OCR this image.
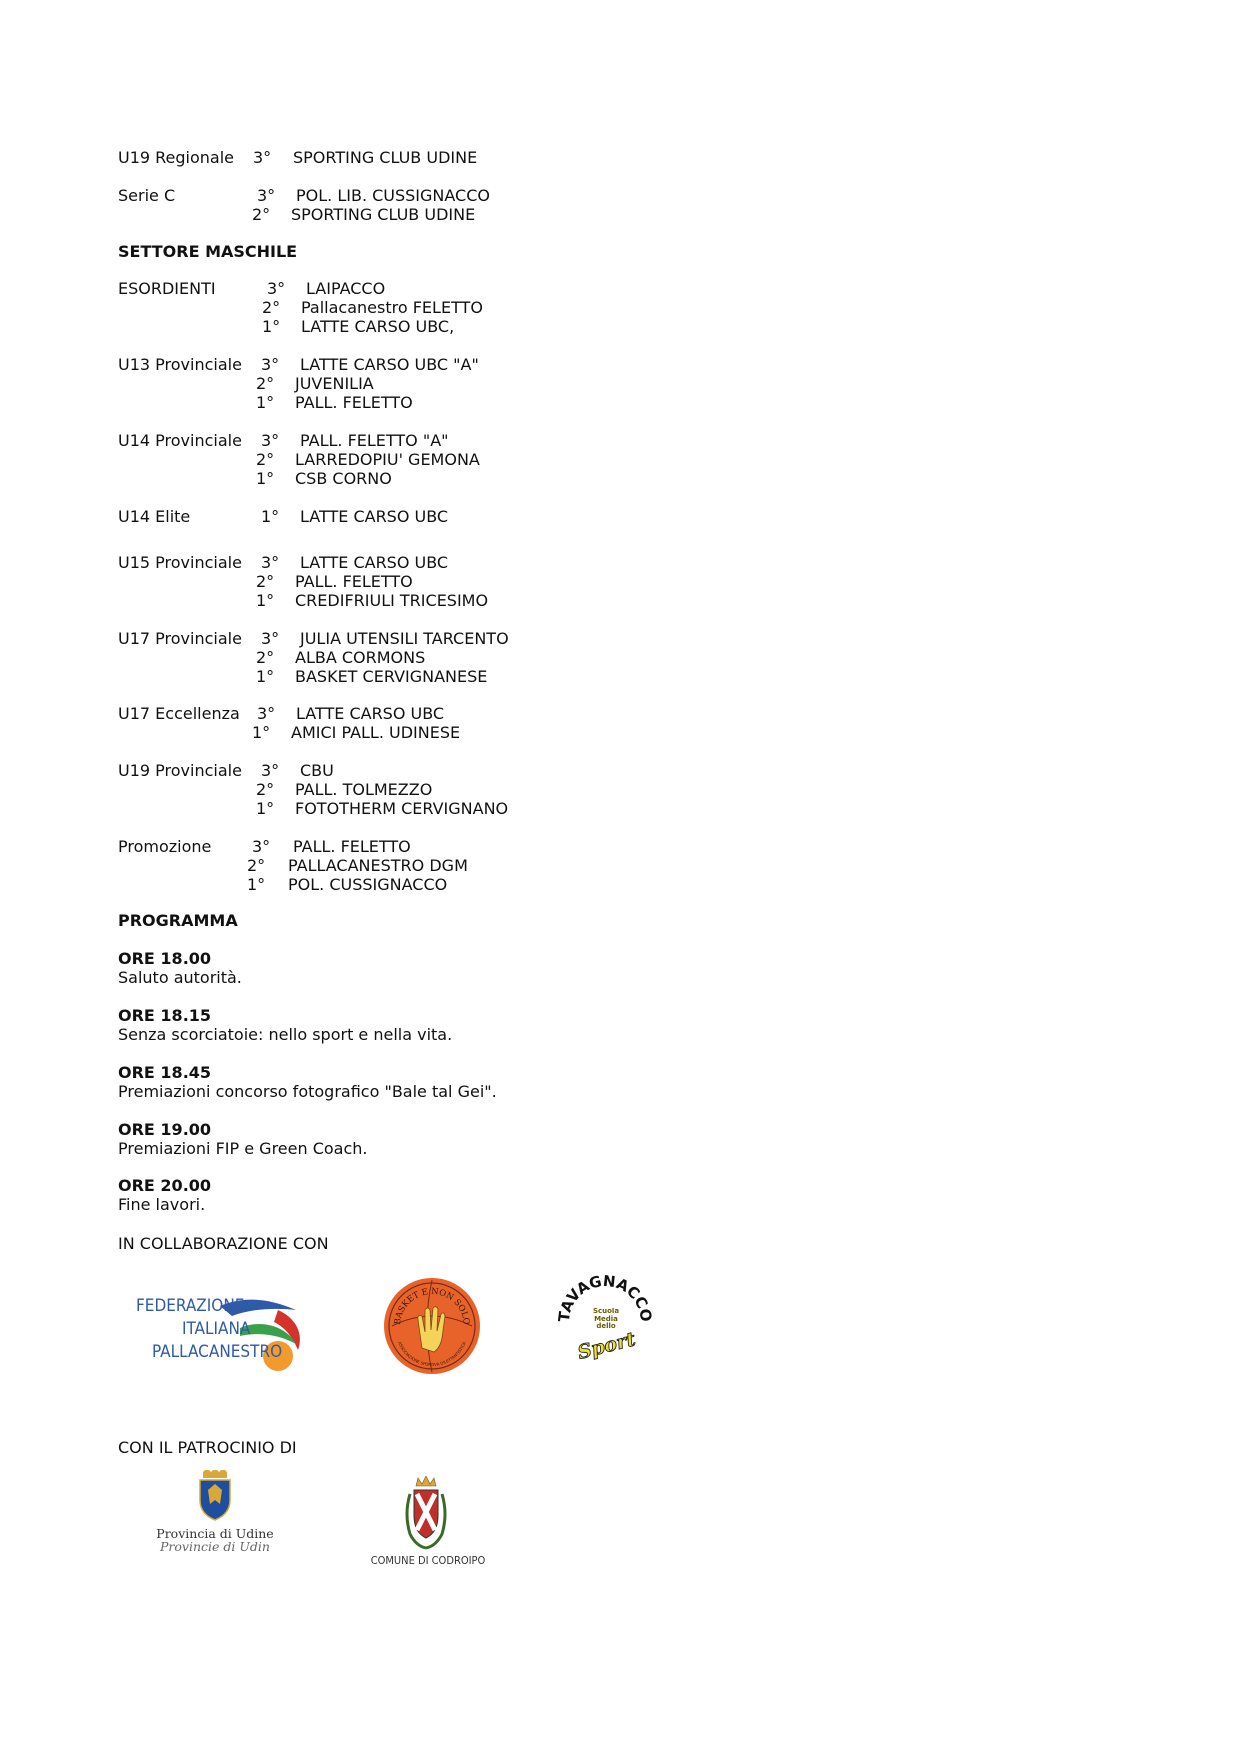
U19 Regionale 3° SPORTING CLUB UDINE
Serie C	3° POL. LIB. CUSSIGNACCO
2° SPORTING CLUB UDINE
SETTORE MASCHILE
ESORDIENTI	3° LAIPACCO
2° Pallacanestro FELETTO
1° LATTE CARSO UBC,
U13 Provinciale 3° LATTE CARSO UBC "A"
2° JUVENILIA
1° PALL. FELETTO
U14 Provinciale 3° PALL. FELETTO "A"
2° LARREDOPIU' GEMONA
1° CSB CORNO
U14 Elite	1° LATTE CARSO UBC
U15 Provinciale 3° LATTE CARSO UBC
2° PALL. FELETTO
1° CREDIFRIULI TRICESIMO
U17 Provinciale 3° JULIA UTENSILI TARCENTO
2° ALBA CORMONS
1° BASKET CERVIGNANESE
U17 Eccellenza 3° LATTE CARSO UBC
1° AMICI PALL. UDINESE
U19 Provinciale 3° CBU
2° PALL. TOLMEZZO
1° FOTOTHERM CERVIGNANO
Promozione	3° PALL. FELETTO
2° PALLACANESTRO DGM
1° POL. CUSSIGNACCO
PROGRAMMA
ORE 18.00
Saluto autorità.
ORE 18.15
Senza scorciatoie: nello sport e nella vita.
ORE 18.45
Premiazioni concorso fotografico "Bale tal Gei".
ORE 19.00
Premiazioni FIP e Green Coach.
ORE 20.00
Fine lavori.
IN COLLABORAZIONE CON
CON IL PATROCINIO DI
FEDERAZIONE
ITALIANA
PALLACANESTRO
BASKET E NON SOLO
ASSOCIAZIONE SPORTIVA DILETTANTISTICA
TAVAGNACCO
Scuola Media dello
Sport
Provincia di Udine
Provincie di Udin
COMUNE DI CODROIPO
